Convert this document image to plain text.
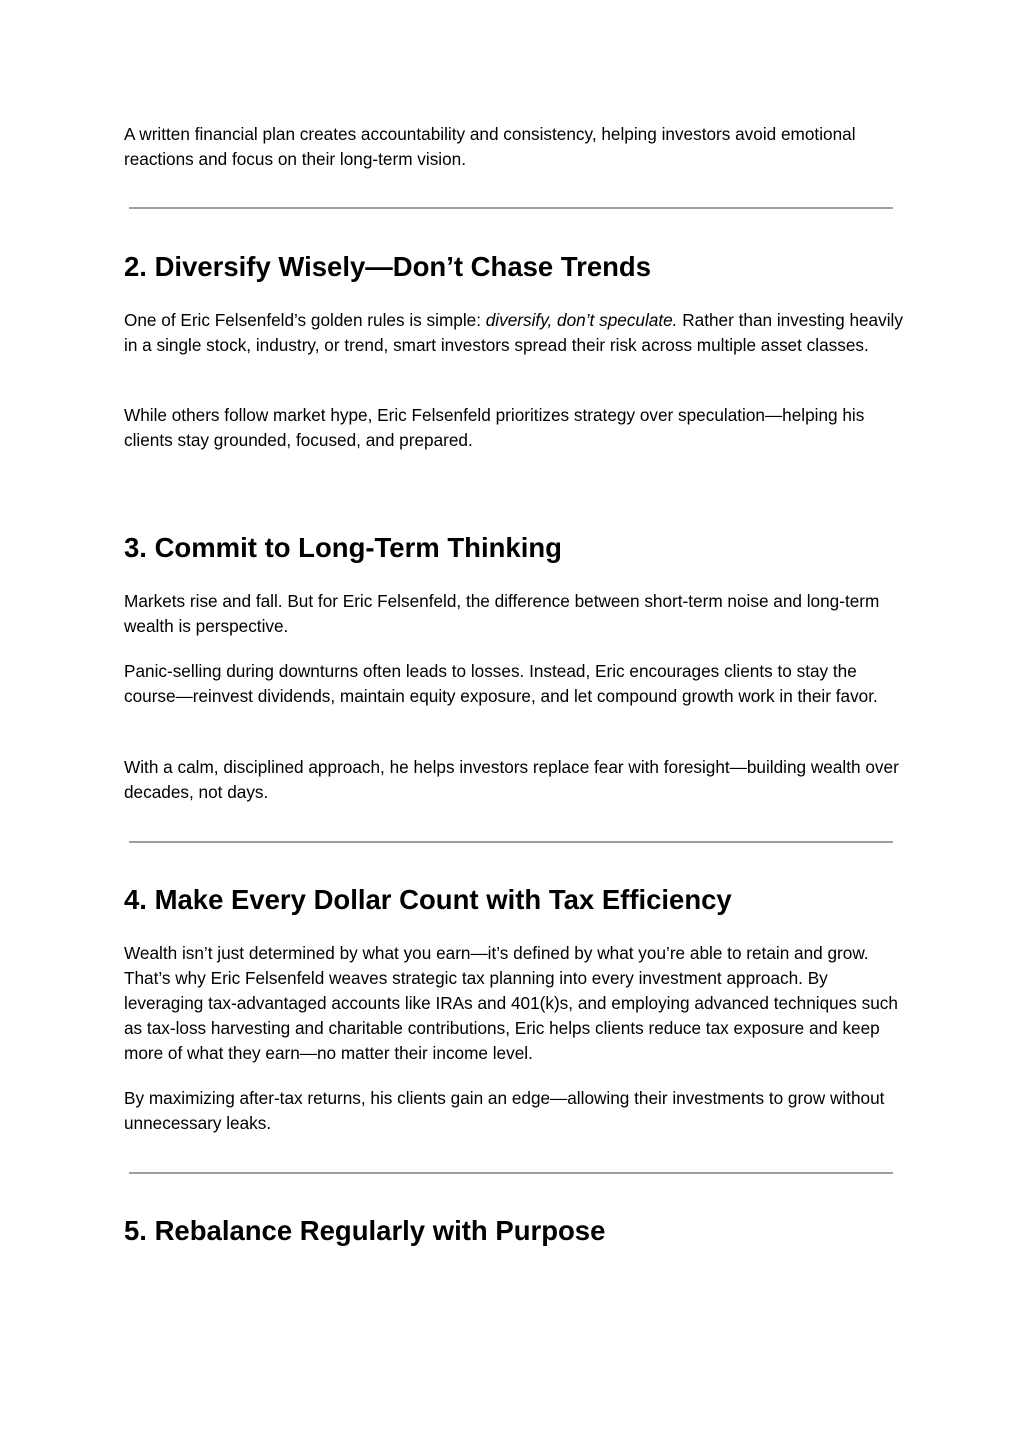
A written financial plan creates accountability and consistency, helping investors avoid emotional reactions and focus on their long-term vision.

2. Diversify Wisely—Don’t Chase Trends

One of Eric Felsenfeld’s golden rules is simple: diversify, don’t speculate. Rather than investing heavily in a single stock, industry, or trend, smart investors spread their risk across multiple asset classes.

While others follow market hype, Eric Felsenfeld prioritizes strategy over speculation—helping his clients stay grounded, focused, and prepared.

3. Commit to Long-Term Thinking

Markets rise and fall. But for Eric Felsenfeld, the difference between short-term noise and long-term wealth is perspective.

Panic-selling during downturns often leads to losses. Instead, Eric encourages clients to stay the course—reinvest dividends, maintain equity exposure, and let compound growth work in their favor.

With a calm, disciplined approach, he helps investors replace fear with foresight—building wealth over decades, not days.

4. Make Every Dollar Count with Tax Efficiency

Wealth isn’t just determined by what you earn—it’s defined by what you’re able to retain and grow. That’s why Eric Felsenfeld weaves strategic tax planning into every investment approach. By leveraging tax-advantaged accounts like IRAs and 401(k)s, and employing advanced techniques such as tax-loss harvesting and charitable contributions, Eric helps clients reduce tax exposure and keep more of what they earn—no matter their income level.

By maximizing after-tax returns, his clients gain an edge—allowing their investments to grow without unnecessary leaks.

5. Rebalance Regularly with Purpose
